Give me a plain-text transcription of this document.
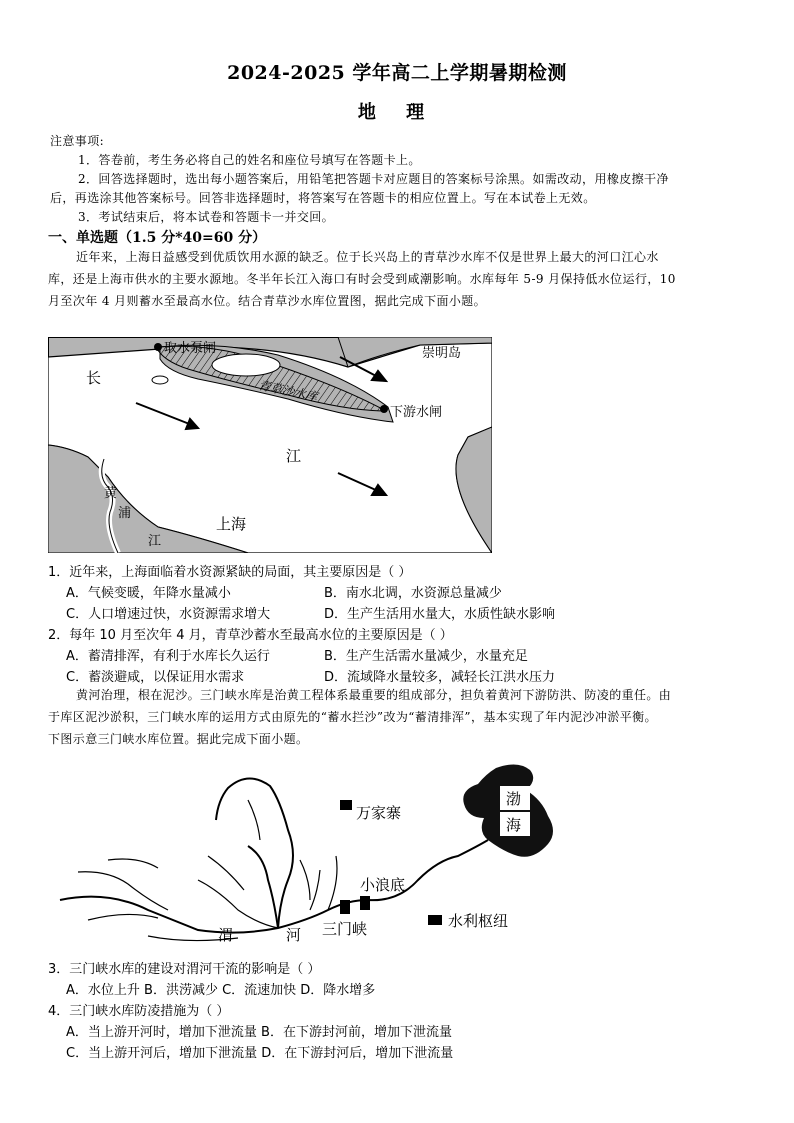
2024-2025 学年高二上学期暑期检测
地 理
注意事项:
1．答卷前，考生务必将自己的姓名和座位号填写在答题卡上。
2．回答选择题时，选出每小题答案后，用铅笔把答题卡对应题目的答案标号涂黑。如需改动，用橡皮擦干净
后，再选涂其他答案标号。回答非选择题时，将答案写在答题卡的相应位置上。写在本试卷上无效。
3．考试结束后，将本试卷和答题卡一并交回。
一、单选题（1.5 分*40=60 分）
近年来，上海日益感受到优质饮用水源的缺乏。位于长兴岛上的青草沙水库不仅是世界上最大的河口江心水
库，还是上海市供水的主要水源地。冬半年长江入海口有时会受到咸潮影响。水库每年 5-9 月保持低水位运行，10
月至次年 4 月则蓄水至最高水位。结合青草沙水库位置图，据此完成下面小题。
取水泵闸	崇明岛
长
江
青草沙水库
下游水闸
黄
浦
江
上海
1．近年来，上海面临着水资源紧缺的局面，其主要原因是（ ）
A．气候变暖，年降水量减小	B．南水北调，水资源总量减少
C．人口增速过快，水资源需求增大	D．生产生活用水量大，水质性缺水影响
2．每年 10 月至次年 4 月，青草沙蓄水至最高水位的主要原因是（ ）
A．蓄清排浑，有利于水库长久运行	B．生产生活需水量减少，水量充足
C．蓄淡避咸，以保证用水需求	D．流域降水量较多，减轻长江洪水压力
黄河治理，根在泥沙。三门峡水库是治黄工程体系最重要的组成部分，担负着黄河下游防洪、防凌的重任。由
于库区泥沙淤积，三门峡水库的运用方式由原先的“蓄水拦沙”改为“蓄清排浑”，基本实现了年内泥沙冲淤平衡。
下图示意三门峡水库位置。据此完成下面小题。
渤
海
万家寨
小浪底
渭	河 三门峡	水利枢纽
3．三门峡水库的建设对渭河干流的影响是（ ）
A．水位上升 B．洪涝减少 C．流速加快 D．降水增多
4．三门峡水库防凌措施为（ ）
A．当上游开河时，增加下泄流量 B．在下游封河前，增加下泄流量
C．当上游开河后，增加下泄流量 D．在下游封河后，增加下泄流量
